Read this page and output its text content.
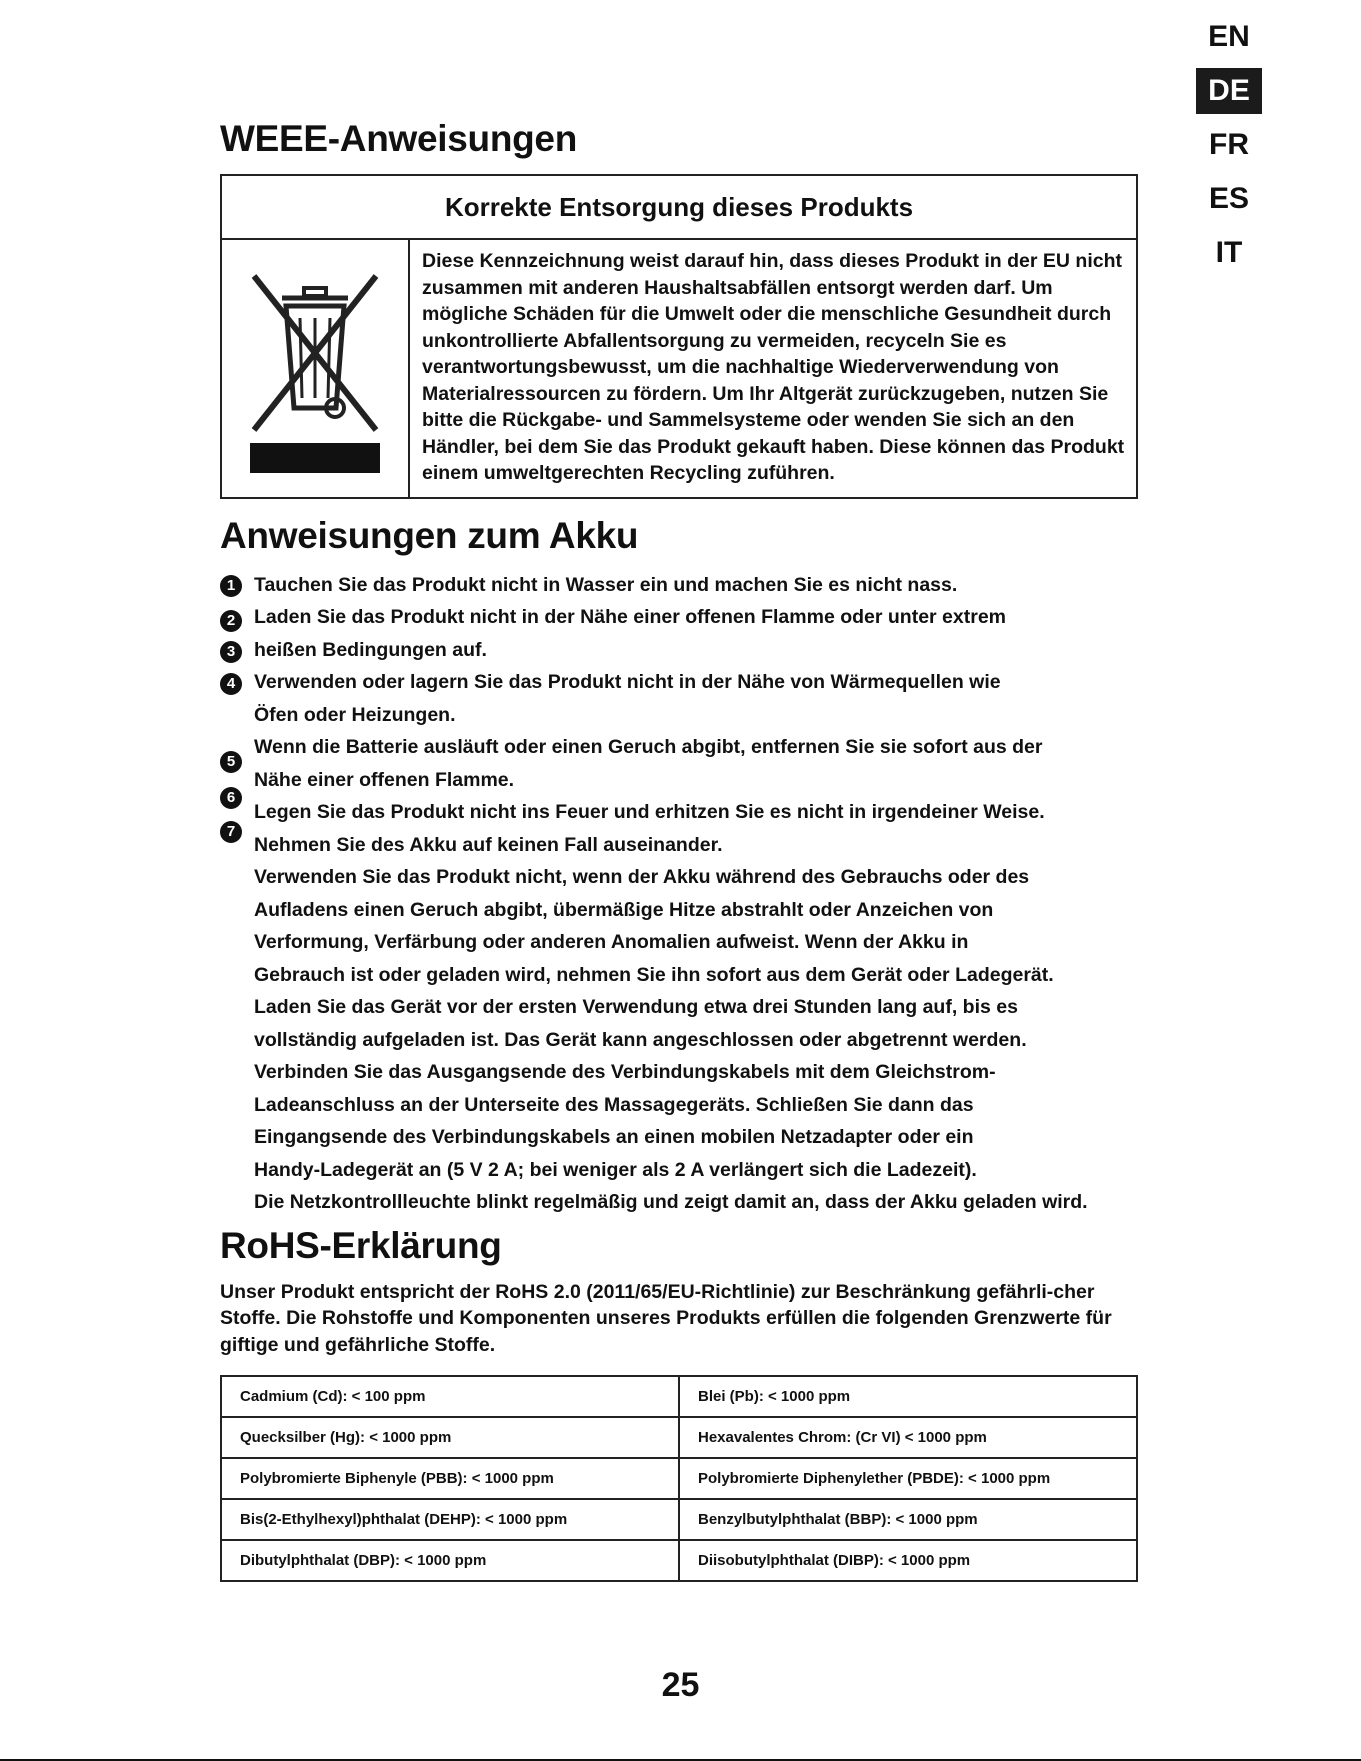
EN
DE
FR
ES
IT
WEEE-Anweisungen
Korrekte Entsorgung dieses Produkts
Diese Kennzeichnung weist darauf hin, dass dieses Produkt in der EU nicht zusammen mit anderen Haushaltsabfällen entsorgt werden darf. Um mögliche Schäden für die Umwelt oder die menschliche Gesundheit durch unkontrollierte Abfallentsorgung zu vermeiden, recyceln Sie es verantwortungsbewusst, um die nachhaltige Wiederverwendung von Materialressourcen zu fördern. Um Ihr Altgerät zurückzugeben, nutzen Sie bitte die Rückgabe- und Sammelsysteme oder wenden Sie sich an den Händler, bei dem Sie das Produkt gekauft haben. Diese können das Produkt einem umweltgerechten Recycling zuführen.
Anweisungen zum Akku
1
2
3
4
5
6
7

Tauchen Sie das Produkt nicht in Wasser ein und machen Sie es nicht nass.

Laden Sie das Produkt nicht in der Nähe einer offenen Flamme oder unter extrem

heißen Bedingungen auf.

Verwenden oder lagern Sie das Produkt nicht in der Nähe von Wärmequellen wie

Öfen oder Heizungen.

Wenn die Batterie ausläuft oder einen Geruch abgibt, entfernen Sie sie sofort aus der

Nähe einer offenen Flamme.

Legen Sie das Produkt nicht ins Feuer und erhitzen Sie es nicht in irgendeiner Weise.

Nehmen Sie des Akku auf keinen Fall auseinander.

Verwenden Sie das Produkt nicht, wenn der Akku während des Gebrauchs oder des

Aufladens einen Geruch abgibt, übermäßige Hitze abstrahlt oder Anzeichen von

Verformung, Verfärbung oder anderen Anomalien aufweist. Wenn der Akku in

Gebrauch ist oder geladen wird, nehmen Sie ihn sofort aus dem Gerät oder Ladegerät.

Laden Sie das Gerät vor der ersten Verwendung etwa drei Stunden lang auf, bis es

vollständig aufgeladen ist. Das Gerät kann angeschlossen oder abgetrennt werden.

Verbinden Sie das Ausgangsende des Verbindungskabels mit dem Gleichstrom-

Ladeanschluss an der Unterseite des Massagegeräts. Schließen Sie dann das

Eingangsende des Verbindungskabels an einen mobilen Netzadapter oder ein

Handy-Ladegerät an (5 V 2 A; bei weniger als 2 A verlängert sich die Ladezeit).

Die Netzkontrollleuchte blinkt regelmäßig und zeigt damit an, dass der Akku geladen wird.

RoHS-Erklärung
Unser Produkt entspricht der RoHS 2.0 (2011/65/EU-Richtlinie) zur Beschränkung gefährli-cher Stoffe. Die Rohstoffe und Komponenten unseres Produkts erfüllen die folgenden Grenzwerte für giftige und gefährliche Stoffe.
Cadmium (Cd): < 100 ppm	Blei (Pb): < 1000 ppm
Quecksilber (Hg): < 1000 ppm	Hexavalentes Chrom: (Cr VI) < 1000 ppm
Polybromierte Biphenyle (PBB): < 1000 ppm	Polybromierte Diphenylether (PBDE): < 1000 ppm
Bis(2-Ethylhexyl)phthalat (DEHP): < 1000 ppm	Benzylbutylphthalat (BBP): < 1000 ppm
Dibutylphthalat (DBP): < 1000 ppm	Diisobutylphthalat (DIBP): < 1000 ppm
25
